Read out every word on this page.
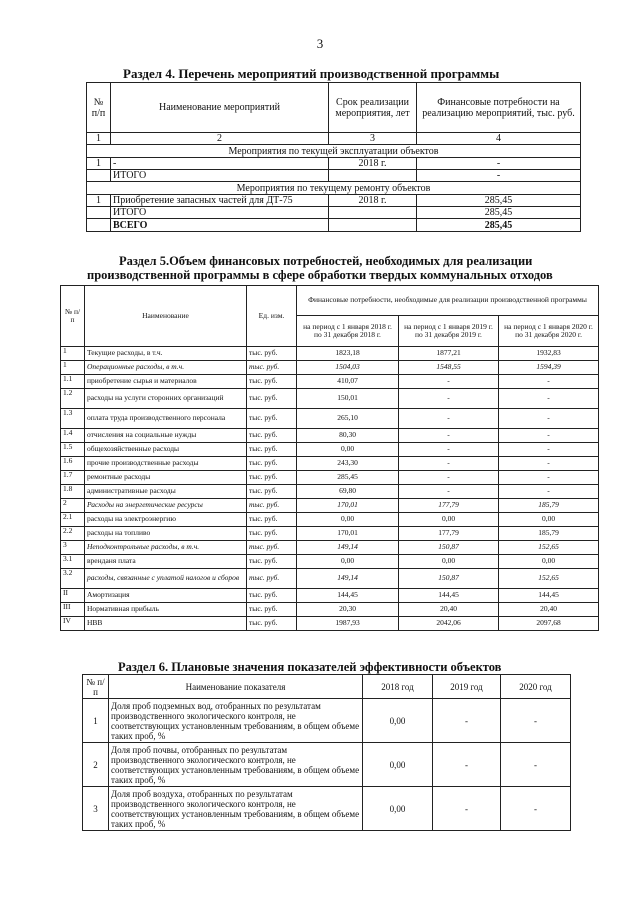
3
Раздел 4. Перечень мероприятий производственной программы
№ п/п	Наименование мероприятий	Срок реализации мероприятия, лет	Финансовые потребности на реализацию мероприятий, тыс. руб.
1	2	3	4
Мероприятия по текущей эксплуатации объектов			
1	-	2018 г.	-
	ИТОГО		-
Мероприятия по текущему ремонту объектов			
1	Приобретение запасных частей для ДТ-75	2018 г.	285,45
	ИТОГО		285,45
	ВСЕГО		285,45
Раздел 5.Объем финансовых потребностей, необходимых для реализации
производственной программы в сфере обработки твердых коммунальных отходов
№ п/п	Наименование	Ед. изм.	Финансовые потребности, необходимые для реализации производственной программы		
			на период с 1 января 2018 г. по 31 декабря 2018 г.	на период с 1 января 2019 г. по 31 декабря 2019 г.	на период с 1 января 2020 г. по 31 декабря 2020 г.
1	Текущие расходы, в т.ч.	тыс. руб.	1823,18	1877,21	1932,83
1	Операционные расходы, в т.ч.	тыс. руб.	1504,03	1548,55	1594,39
1.1	приобретение сырья и материалов	тыс. руб.	410,07	-	-
1.2	расходы на услуги сторонних организаций	тыс. руб.	150,01	-	-
1.3	оплата труда производственного персонала	тыс. руб.	265,10	-	-
1.4	отчисления на социальные нужды	тыс. руб.	80,30	-	-
1.5	общехозяйственные расходы	тыс. руб.	0,00	-	-
1.6	прочие производственные расходы	тыс. руб.	243,30	-	-
1.7	ремонтные расходы	тыс. руб.	285,45	-	-
1.8	административные расходы	тыс. руб.	69,80	-	-
2	Расходы на энергетические ресурсы	тыс. руб.	170,01	177,79	185,79
2.1	расходы на электроэнергию	тыс. руб.	0,00	0,00	0,00
2.2	расходы на топливо	тыс. руб.	170,01	177,79	185,79
3	Неподконтрольные расходы, в т.ч.	тыс. руб.	149,14	150,87	152,65
3.1	вренданя плата	тыс. руб.	0,00	0,00	0,00
3.2	расходы, связанные с уплатой налогов и сборов	тыс. руб.	149,14	150,87	152,65
II	Амортизация	тыс. руб.	144,45	144,45	144,45
III	Нормативная прибыль	тыс. руб.	20,30	20,40	20,40
IV	НВВ	тыс. руб.	1987,93	2042,06	2097,68
Раздел 6. Плановые значения показателей эффективности объектов
№ п/п	Наименование показателя	2018 год	2019 год	2020 год
1	Доля проб подземных вод, отобранных по результатам производственного экологического контроля, не соответствующих установленным требованиям, в общем объеме таких проб, %	0,00	-	-
2	Доля проб почвы, отобранных по результатам производственного экологического контроля, не соответствующих установленным требованиям, в общем объеме таких проб, %	0,00	-	-
3	Доля проб воздуха, отобранных по результатам производственного экологического контроля, не соответствующих установленным требованиям, в общем объеме таких проб, %	0,00	-	-
